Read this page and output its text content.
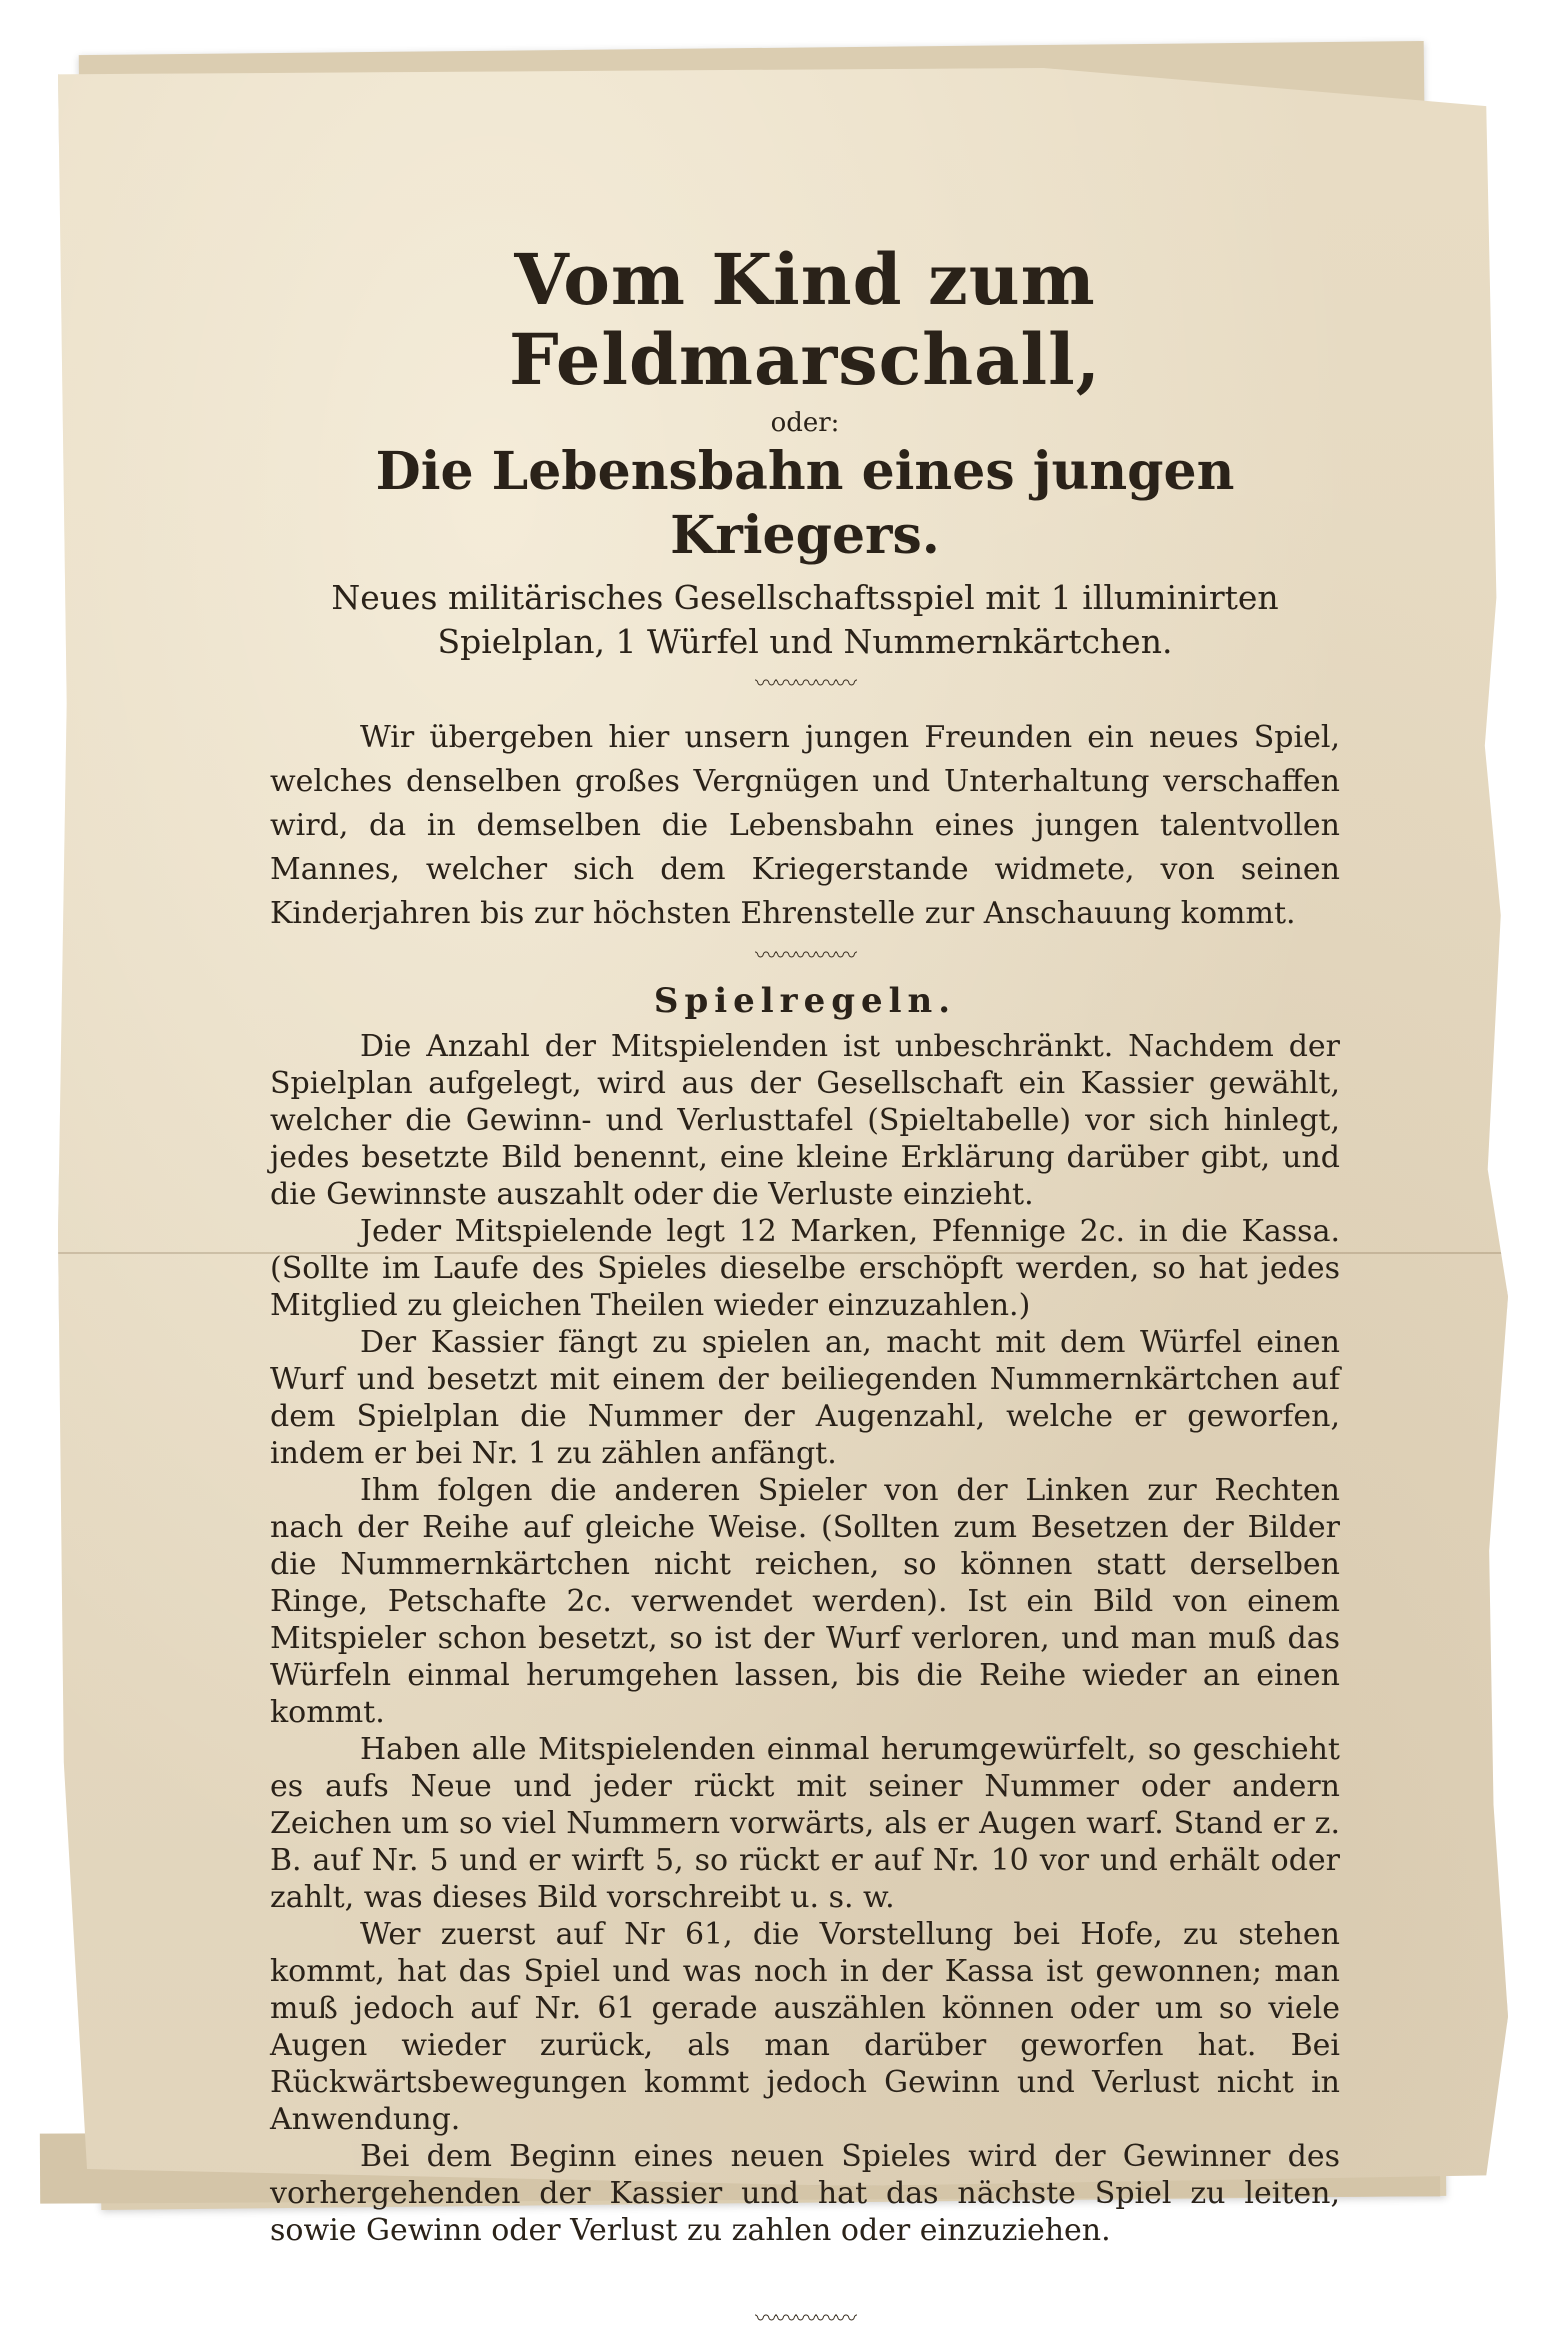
Vom Kind zum Feldmarschall,

oder:

Die Lebensbahn eines jungen Kriegers.

Neues militärisches Gesellschaftsspiel mit 1 illuminirten Spielplan, 1 Würfel und Nummernkärtchen.

〰〰〰〰〰

Wir übergeben hier unsern jungen Freunden ein neues Spiel, welches denselben großes Vergnügen und Unterhaltung verschaffen wird, da in demselben die Lebensbahn eines jungen talentvollen Mannes, welcher sich dem Kriegerstande widmete, von seinen Kinderjahren bis zur höchsten Ehrenstelle zur Anschauung kommt.

〰〰〰〰〰
Spielregeln.

Die Anzahl der Mitspielenden ist unbeschränkt. Nachdem der Spielplan aufgelegt, wird aus der Gesellschaft ein Kassier gewählt, welcher die Gewinn- und Verlusttafel (Spieltabelle) vor sich hinlegt, jedes besetzte Bild benennt, eine kleine Erklärung darüber gibt, und die Gewinnste auszahlt oder die Verluste einzieht.

Jeder Mitspielende legt 12 Marken, Pfennige 2c. in die Kassa. (Sollte im Laufe des Spieles dieselbe erschöpft werden, so hat jedes Mitglied zu gleichen Theilen wieder einzuzahlen.)

Der Kassier fängt zu spielen an, macht mit dem Würfel einen Wurf und besetzt mit einem der beiliegenden Nummernkärtchen auf dem Spielplan die Nummer der Augenzahl, welche er geworfen, indem er bei Nr. 1 zu zählen anfängt.

Ihm folgen die anderen Spieler von der Linken zur Rechten nach der Reihe auf gleiche Weise. (Sollten zum Besetzen der Bilder die Nummernkärtchen nicht reichen, so können statt derselben Ringe, Petschafte 2c. verwendet werden). Ist ein Bild von einem Mitspieler schon besetzt, so ist der Wurf verloren, und man muß das Würfeln einmal herumgehen lassen, bis die Reihe wieder an einen kommt.

Haben alle Mitspielenden einmal herumgewürfelt, so geschieht es aufs Neue und jeder rückt mit seiner Nummer oder andern Zeichen um so viel Nummern vorwärts, als er Augen warf. Stand er z. B. auf Nr. 5 und er wirft 5, so rückt er auf Nr. 10 vor und erhält oder zahlt, was dieses Bild vorschreibt u. s. w.

Wer zuerst auf Nr 61, die Vorstellung bei Hofe, zu stehen kommt, hat das Spiel und was noch in der Kassa ist gewonnen; man muß jedoch auf Nr. 61 gerade auszählen können oder um so viele Augen wieder zurück, als man darüber geworfen hat. Bei Rückwärtsbewegungen kommt jedoch Gewinn und Verlust nicht in Anwendung.

Bei dem Beginn eines neuen Spieles wird der Gewinner des vorhergehenden der Kassier und hat das nächste Spiel zu leiten, sowie Gewinn oder Verlust zu zahlen oder einzuziehen.

〰〰〰〰〰
